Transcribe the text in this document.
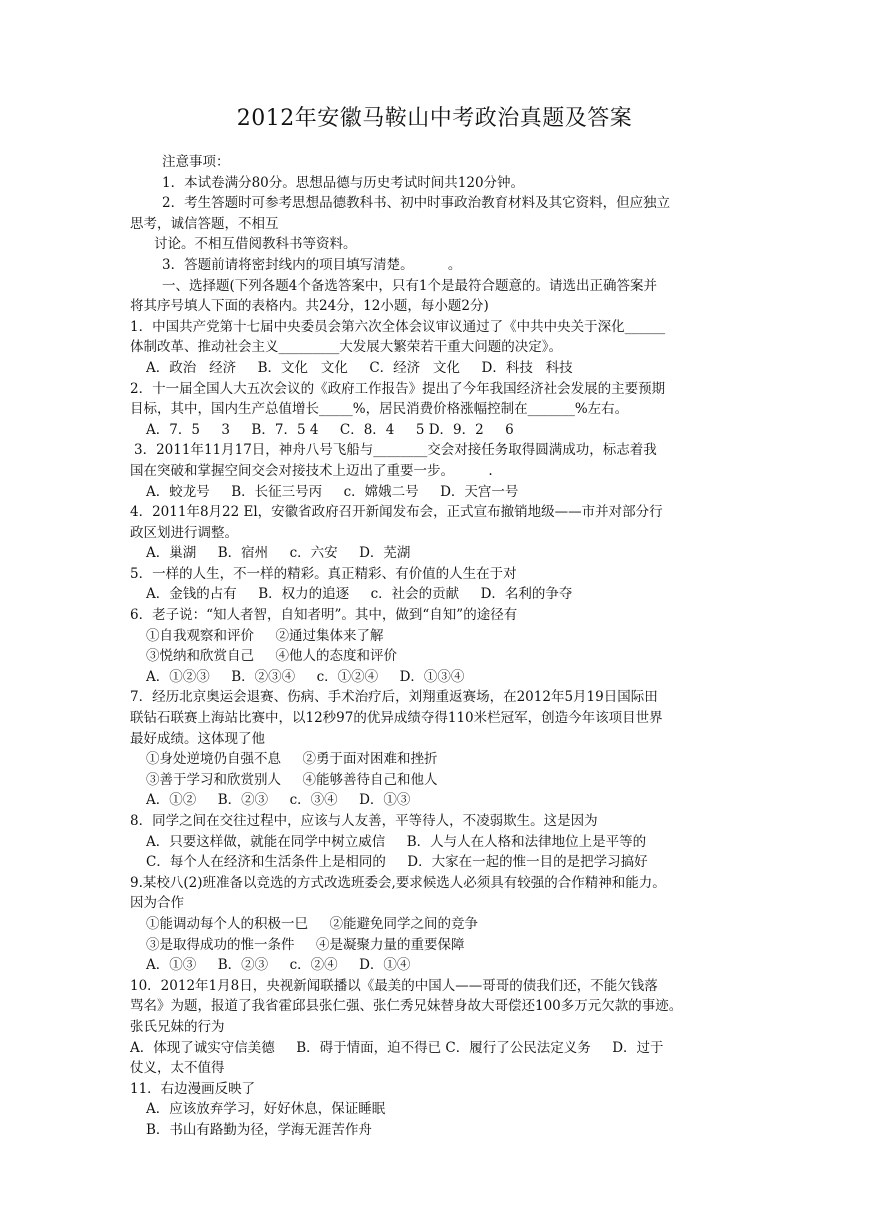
2012年安徽马鞍山中考政治真题及答案
注意事项：
1．本试卷满分80分。思想品德与历史考试时间共120分钟。
2．考生答题时可参考思想品德教科书、初中时事政治教育材料及其它资料，但应独立
思考，诚信答题，不相互
讨论。不相互借阅教科书等资料。
3．答题前请将密封线内的项目填写清楚。        。
一、选择题(下列各题4个备选答案中，只有1个是最符合题意的。请选出正确答案并
将其序号填人下面的表格内。共24分，12小题，每小题2分)
1．中国共产党第十七届中央委员会第六次全体会议审议通过了《中共中央关于深化______
体制改革、推动社会主义_________大发展大繁荣若干重大问题的决定》。
A．政治   经济     B．文化   文化     C．经济   文化     D．科技   科技
2．十一届全国人大五次会议的《政府工作报告》提出了今年我国经济社会发展的主要预期
目标，其中，国内生产总值增长_____%，居民消费价格涨幅控制在_______%左右。
A．7．5     3     B．7．5 4     C．8．4     5 D．9．2     6
3．2011年11月17日，神舟八号飞船与________交会对接任务取得圆满成功，标志着我
国在突破和掌握空间交会对接技术上迈出了重要一步。        .
A．蛟龙号     B．长征三号丙     c．嫦娥二号     D．天宫一号
4．2011年8月22 El，安徽省政府召开新闻发布会，正式宣布撤销地级——市并对部分行
政区划进行调整。
A．巢湖     B．宿州     c．六安     D．芜湖
5．一样的人生，不一样的精彩。真正精彩、有价值的人生在于对
A．金钱的占有     B．权力的追逐     c．社会的贡献     D．名利的争夺
6．老子说：“知人者智，自知者明”。其中，做到“自知”的途径有
①自我观察和评价     ②通过集体来了解
③悦纳和欣赏自己     ④他人的态度和评价
A．①②③     B．②③④     c．①②④     D．①③④
7．经历北京奥运会退赛、伤病、手术治疗后，刘翔重返赛场，在2012年5月19日国际田
联钻石联赛上海站比赛中，以12秒97的优异成绩夺得110米栏冠军，创造今年该项目世界
最好成绩。这体现了他
①身处逆境仍自强不息     ②勇于面对困难和挫折
③善于学习和欣赏别人     ④能够善待自己和他人
A．①②     B．②③     c．③④     D．①③
8．同学之间在交往过程中，应该与人友善，平等待人，不凌弱欺生。这是因为
A．只要这样做，就能在同学中树立威信     B．人与人在人格和法律地位上是平等的
C．每个人在经济和生活条件上是相同的     D．大家在一起的惟一目的是把学习搞好
9.某校八(2)班准备以竞选的方式改选班委会,要求候选人必须具有较强的合作精神和能力。
因为合作
①能调动每个人的积极一巳     ②能避免同学之间的竞争
③是取得成功的惟一条件     ④是凝聚力量的重要保障
A．①③     B．②③     c．②④     D．①④
10．2012年1月8日，央视新闻联播以《最美的中国人——哥哥的债我们还，不能欠钱落
骂名》为题，报道了我省霍邱县张仁强、张仁秀兄妹替身故大哥偿还100多万元欠款的事迹。
张氏兄妹的行为
A．体现了诚实守信美德     B．碍于情面，迫不得已 C．履行了公民法定义务     D．过于
仗义，太不值得
11．右边漫画反映了
A．应该放弃学习，好好休息，保证睡眠
B．书山有路勤为径，学海无涯苦作舟
